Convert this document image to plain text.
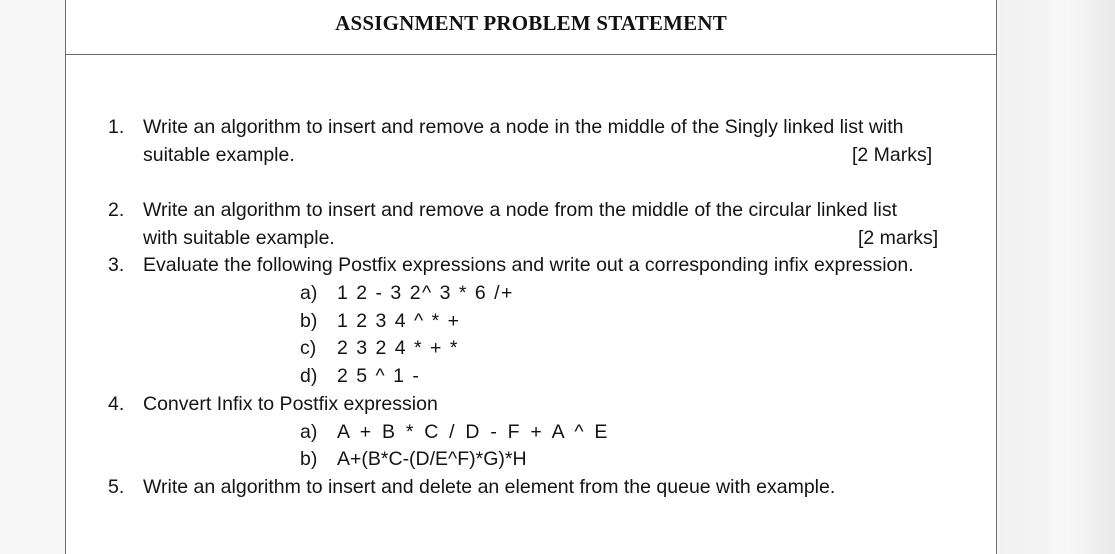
ASSIGNMENT PROBLEM STATEMENT
1. Write an algorithm to insert and remove a node in the middle of the Singly linked list with
suitable example.	[2 Marks]
2. Write an algorithm to insert and remove a node from the middle of the circular linked list
with suitable example.	[2 marks]
3. Evaluate the following Postfix expressions and write out a corresponding infix expression.
a) 1 2 - 3 2^ 3 * 6 /+
b) 1 2 3 4 ^ * +
c) 2 3 2 4 * + *
d) 2 5 ^ 1 -
4. Convert Infix to Postfix expression
a) A  +  B  *  C  /  D  -  F  +  A  ^  E
b) A+(B*C-(D/E^F)*G)*H
5. Write an algorithm to insert and delete an element from the queue with example.
